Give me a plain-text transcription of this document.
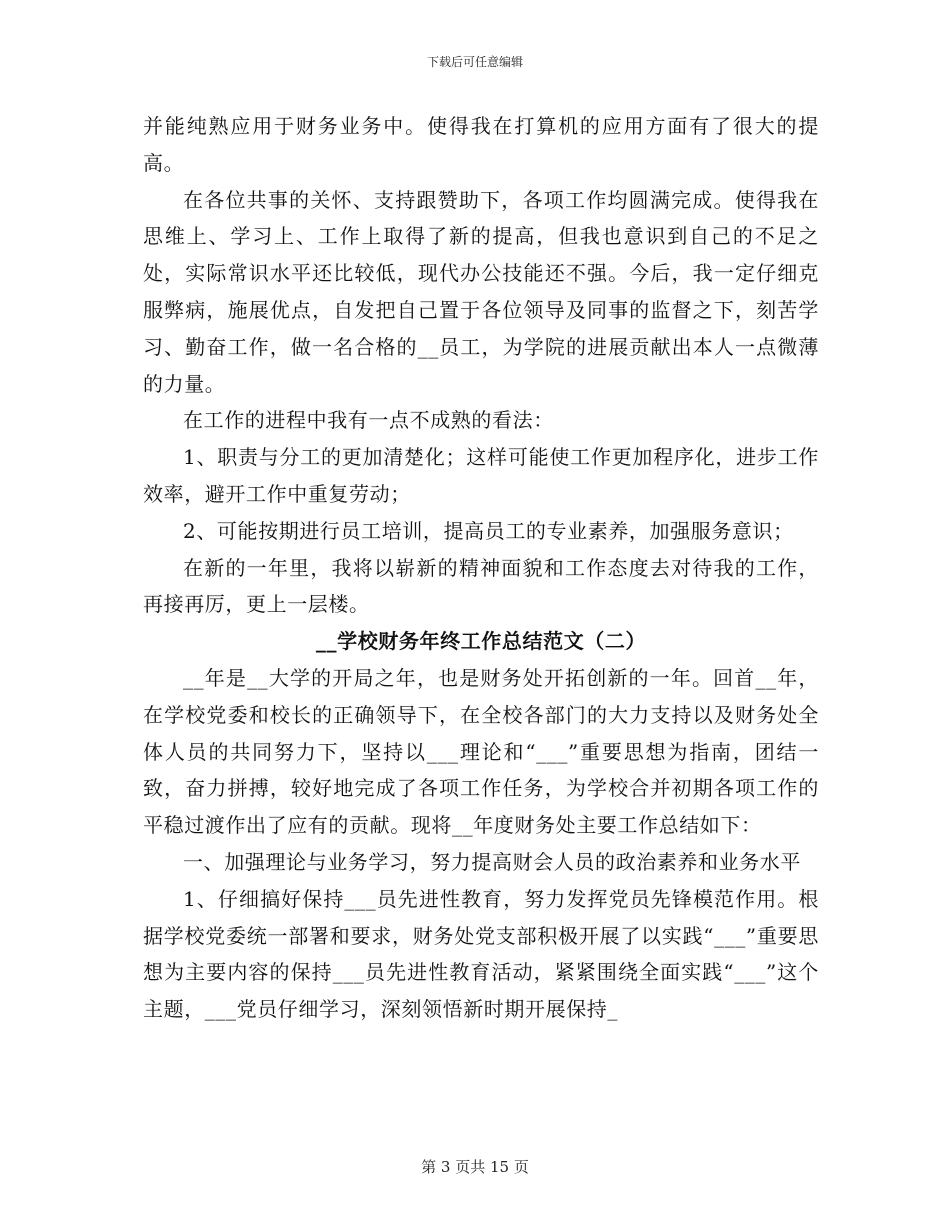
下载后可任意编辑

并能纯熟应用于财务业务中。使得我在打算机的应用方面有了很大的提高。

在各位共事的关怀、支持跟赞助下，各项工作均圆满完成。使得我在思维上、学习上、工作上取得了新的提高，但我也意识到自己的不足之处，实际常识水平还比较低，现代办公技能还不强。今后，我一定仔细克服弊病，施展优点，自发把自己置于各位领导及同事的监督之下，刻苦学习、勤奋工作，做一名合格的__员工，为学院的进展贡献出本人一点微薄的力量。

在工作的进程中我有一点不成熟的看法：

1、职责与分工的更加清楚化；这样可能使工作更加程序化，进步工作效率，避开工作中重复劳动；

2、可能按期进行员工培训，提高员工的专业素养，加强服务意识；

在新的一年里，我将以崭新的精神面貌和工作态度去对待我的工作，再接再厉，更上一层楼。

__学校财务年终工作总结范文（二）

__年是__大学的开局之年，也是财务处开拓创新的一年。回首__年，在学校党委和校长的正确领导下，在全校各部门的大力支持以及财务处全体人员的共同努力下，坚持以___理论和“___”重要思想为指南，团结一致，奋力拼搏，较好地完成了各项工作任务，为学校合并初期各项工作的平稳过渡作出了应有的贡献。现将__年度财务处主要工作总结如下：

一、加强理论与业务学习，努力提高财会人员的政治素养和业务水平

1、仔细搞好保持___员先进性教育，努力发挥党员先锋模范作用。根据学校党委统一部署和要求，财务处党支部积极开展了以实践“___”重要思想为主要内容的保持___员先进性教育活动，紧紧围绕全面实践“___”这个主题，___党员仔细学习，深刻领悟新时期开展保持_

第 3 页共 15 页
